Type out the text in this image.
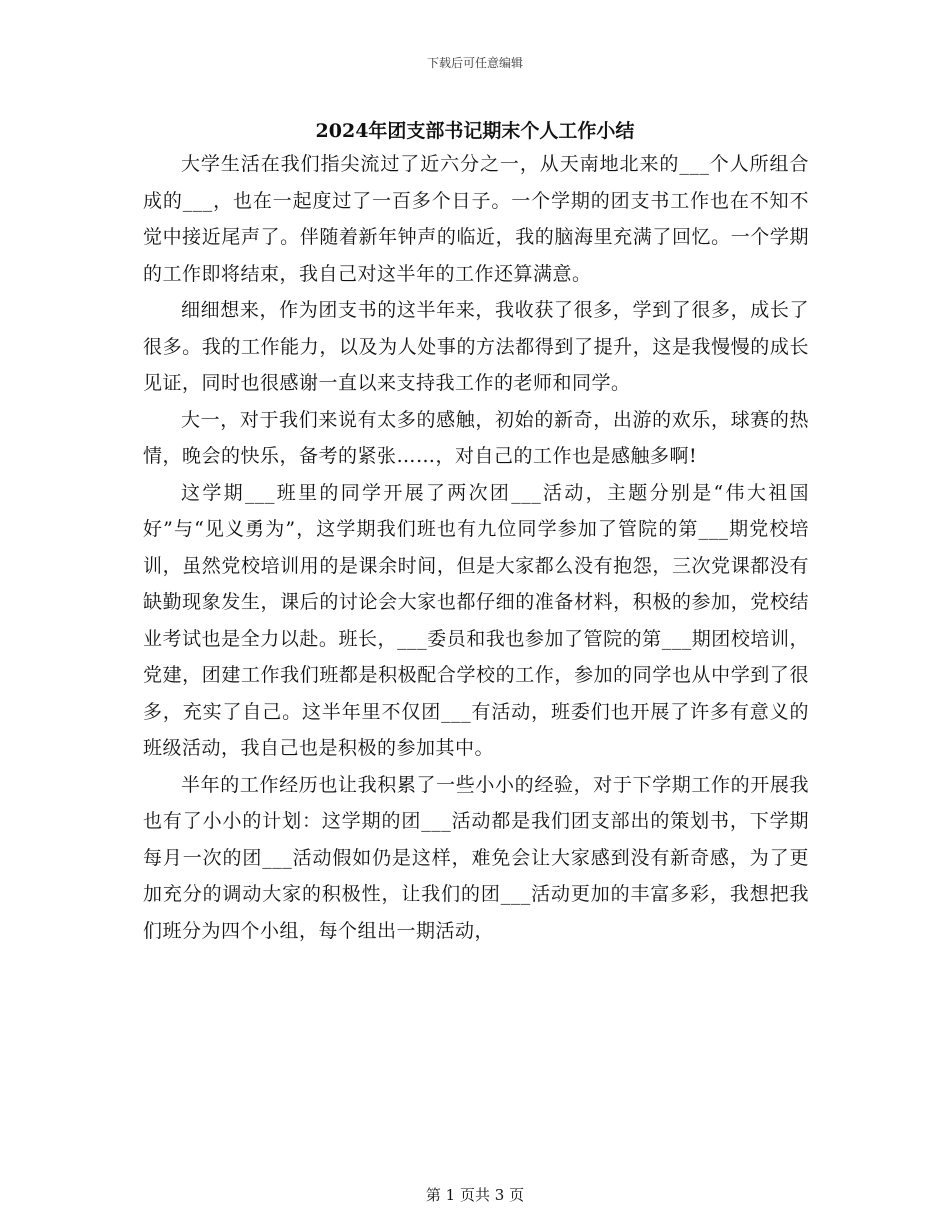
下载后可任意编辑
2024年团支部书记期末个人工作小结

大学生活在我们指尖流过了近六分之一，从天南地北来的___个人所组合成的___，也在一起度过了一百多个日子。一个学期的团支书工作也在不知不觉中接近尾声了。伴随着新年钟声的临近，我的脑海里充满了回忆。一个学期的工作即将结束，我自己对这半年的工作还算满意。

细细想来，作为团支书的这半年来，我收获了很多，学到了很多，成长了很多。我的工作能力，以及为人处事的方法都得到了提升，这是我慢慢的成长见证，同时也很感谢一直以来支持我工作的老师和同学。

大一，对于我们来说有太多的感触，初始的新奇，出游的欢乐，球赛的热情，晚会的快乐，备考的紧张……，对自己的工作也是感触多啊!

这学期___班里的同学开展了两次团___活动，主题分别是“伟大祖国好”与“见义勇为”，这学期我们班也有九位同学参加了管院的第___期党校培训，虽然党校培训用的是课余时间，但是大家都么没有抱怨，三次党课都没有缺勤现象发生，课后的讨论会大家也都仔细的准备材料，积极的参加，党校结业考试也是全力以赴。班长，___委员和我也参加了管院的第___期团校培训，党建，团建工作我们班都是积极配合学校的工作，参加的同学也从中学到了很多，充实了自己。这半年里不仅团___有活动，班委们也开展了许多有意义的班级活动，我自己也是积极的参加其中。

半年的工作经历也让我积累了一些小小的经验，对于下学期工作的开展我也有了小小的计划：这学期的团___活动都是我们团支部出的策划书，下学期每月一次的团___活动假如仍是这样，难免会让大家感到没有新奇感，为了更加充分的调动大家的积极性，让我们的团___活动更加的丰富多彩，我想把我们班分为四个小组，每个组出一期活动，

第 1 页共 3 页
